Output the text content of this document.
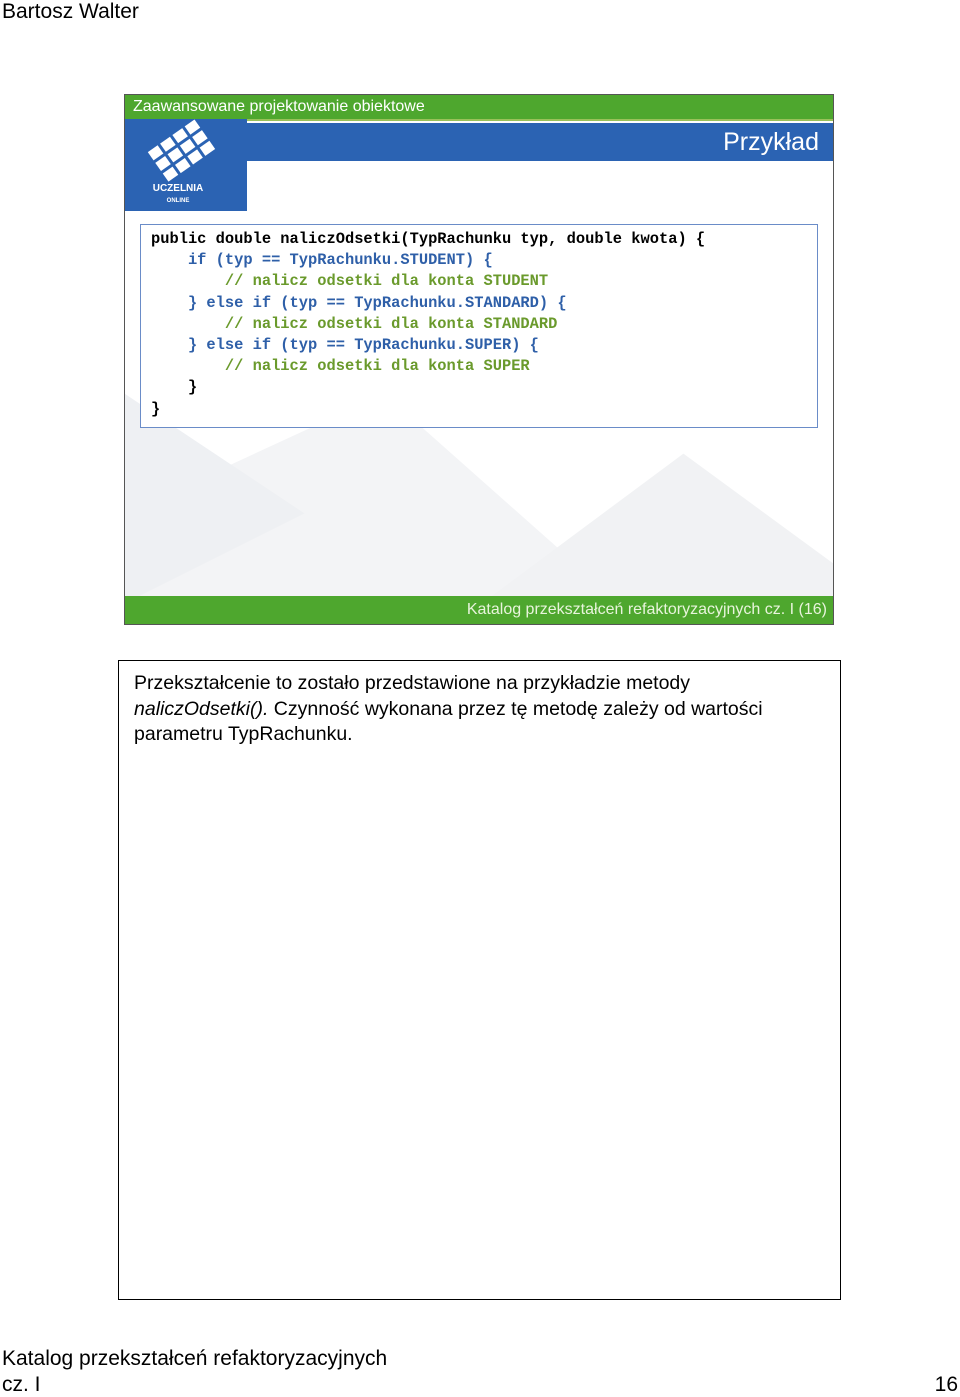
Bartosz Walter
Zaawansowane projektowanie obiektowe
Przykład
UCZELNIA
ONLINE
public double naliczOdsetki(TypRachunku typ, double kwota) {
if (typ == TypRachunku.STUDENT) {
// nalicz odsetki dla konta STUDENT
} else if (typ == TypRachunku.STANDARD) {
// nalicz odsetki dla konta STANDARD
} else if (typ == TypRachunku.SUPER) {
// nalicz odsetki dla konta SUPER
}
}
Katalog przekształceń refaktoryzacyjnych cz. I (16)
Przekształcenie to zostało przedstawione na przykładzie metody
naliczOdsetki(). Czynność wykonana przez tę metodę zależy od wartości
parametru TypRachunku.
Katalog przekształceń refaktoryzacyjnych
cz. I	16
